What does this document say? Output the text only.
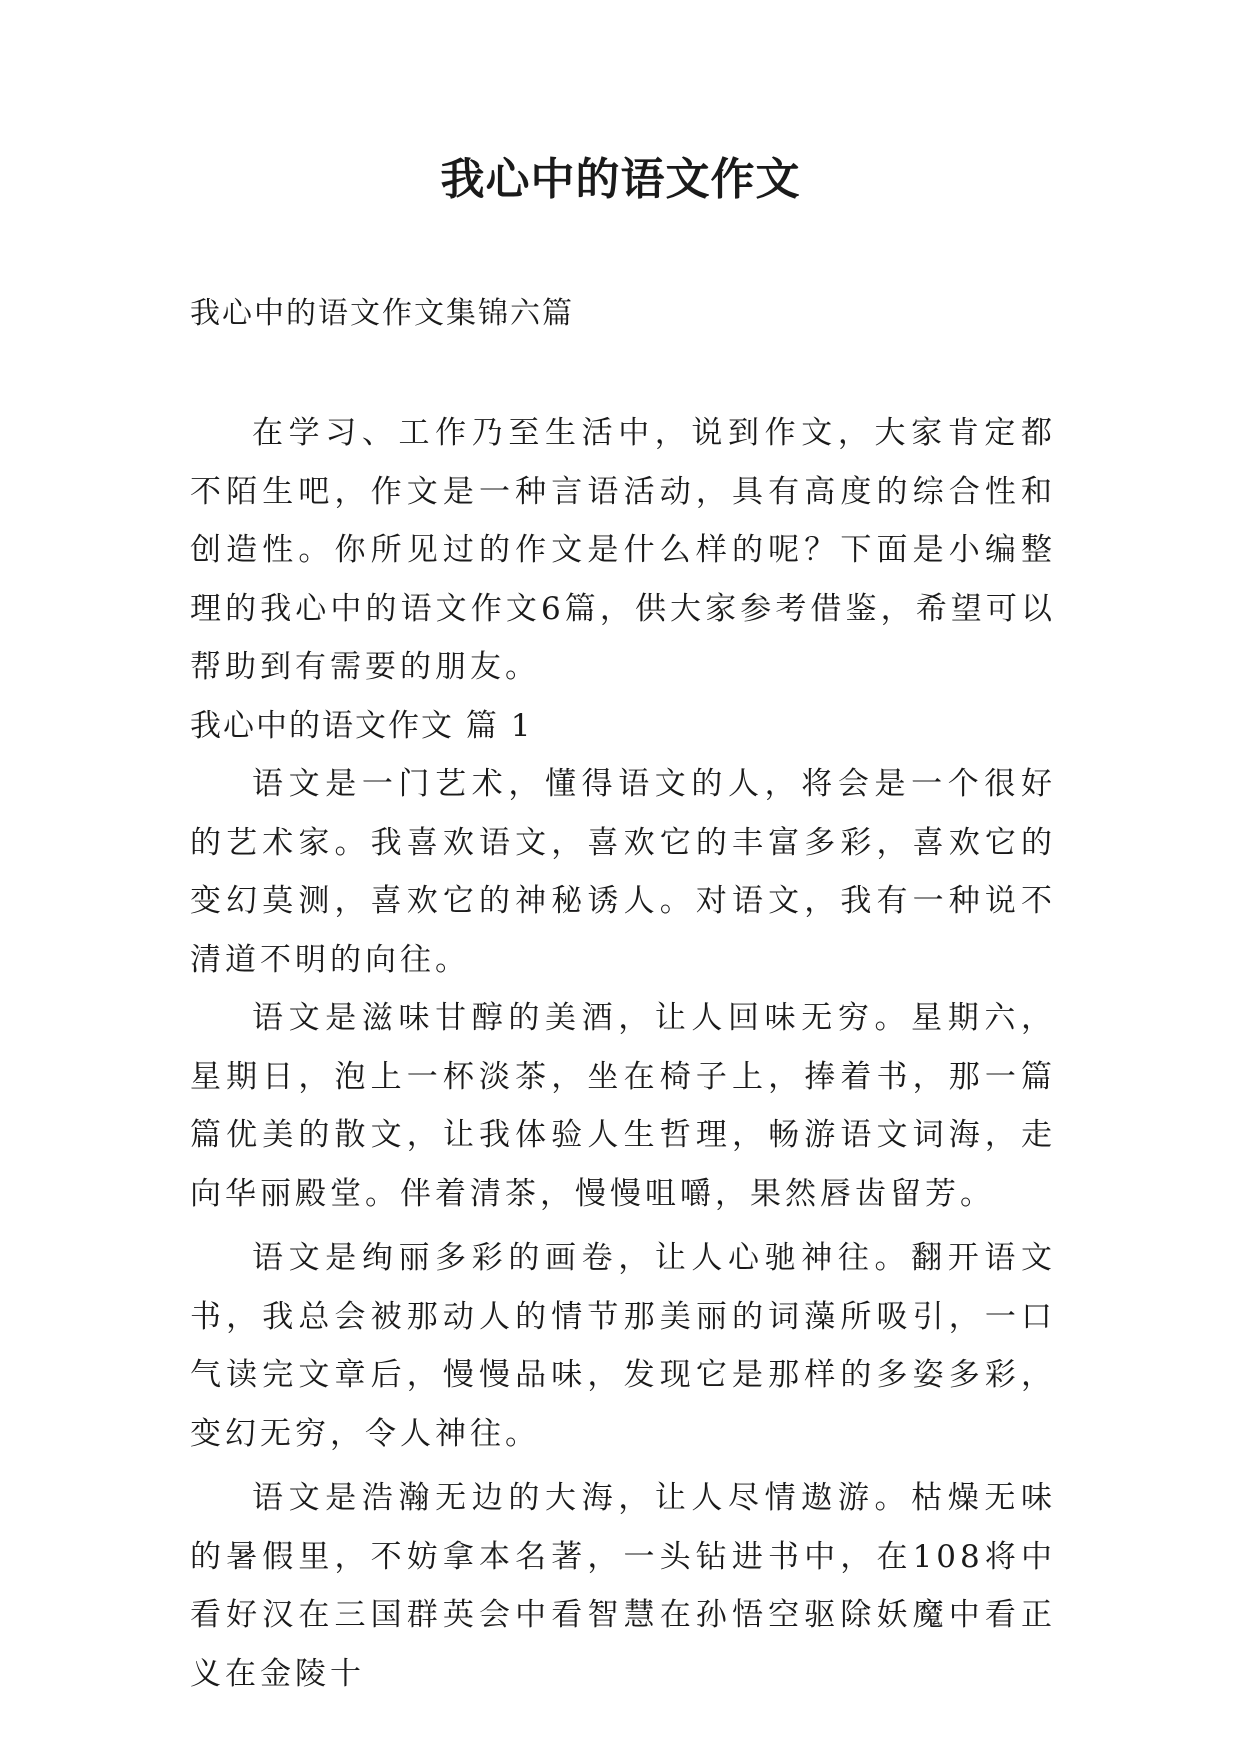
我心中的语文作文

我心中的语文作文集锦六篇

在学习、工作乃至生活中，说到作文，大家肯定都不陌生吧，作文是一种言语活动，具有高度的综合性和创造性。你所见过的作文是什么样的呢？下面是小编整理的我心中的语文作文6篇，供大家参考借鉴，希望可以帮助到有需要的朋友。

我心中的语文作文 篇 1

语文是一门艺术，懂得语文的人，将会是一个很好的艺术家。我喜欢语文，喜欢它的丰富多彩，喜欢它的变幻莫测，喜欢它的神秘诱人。对语文，我有一种说不清道不明的向往。

语文是滋味甘醇的美酒，让人回味无穷。星期六，星期日，泡上一杯淡茶，坐在椅子上，捧着书，那一篇篇优美的散文，让我体验人生哲理，畅游语文词海，走向华丽殿堂。伴着清茶，慢慢咀嚼，果然唇齿留芳。

语文是绚丽多彩的画卷，让人心驰神往。翻开语文书，我总会被那动人的情节那美丽的词藻所吸引，一口气读完文章后，慢慢品味，发现它是那样的多姿多彩，变幻无穷，令人神往。

语文是浩瀚无边的大海，让人尽情遨游。枯燥无味的暑假里，不妨拿本名著，一头钻进书中，在108将中看好汉在三国群英会中看智慧在孙悟空驱除妖魔中看正义在金陵十
